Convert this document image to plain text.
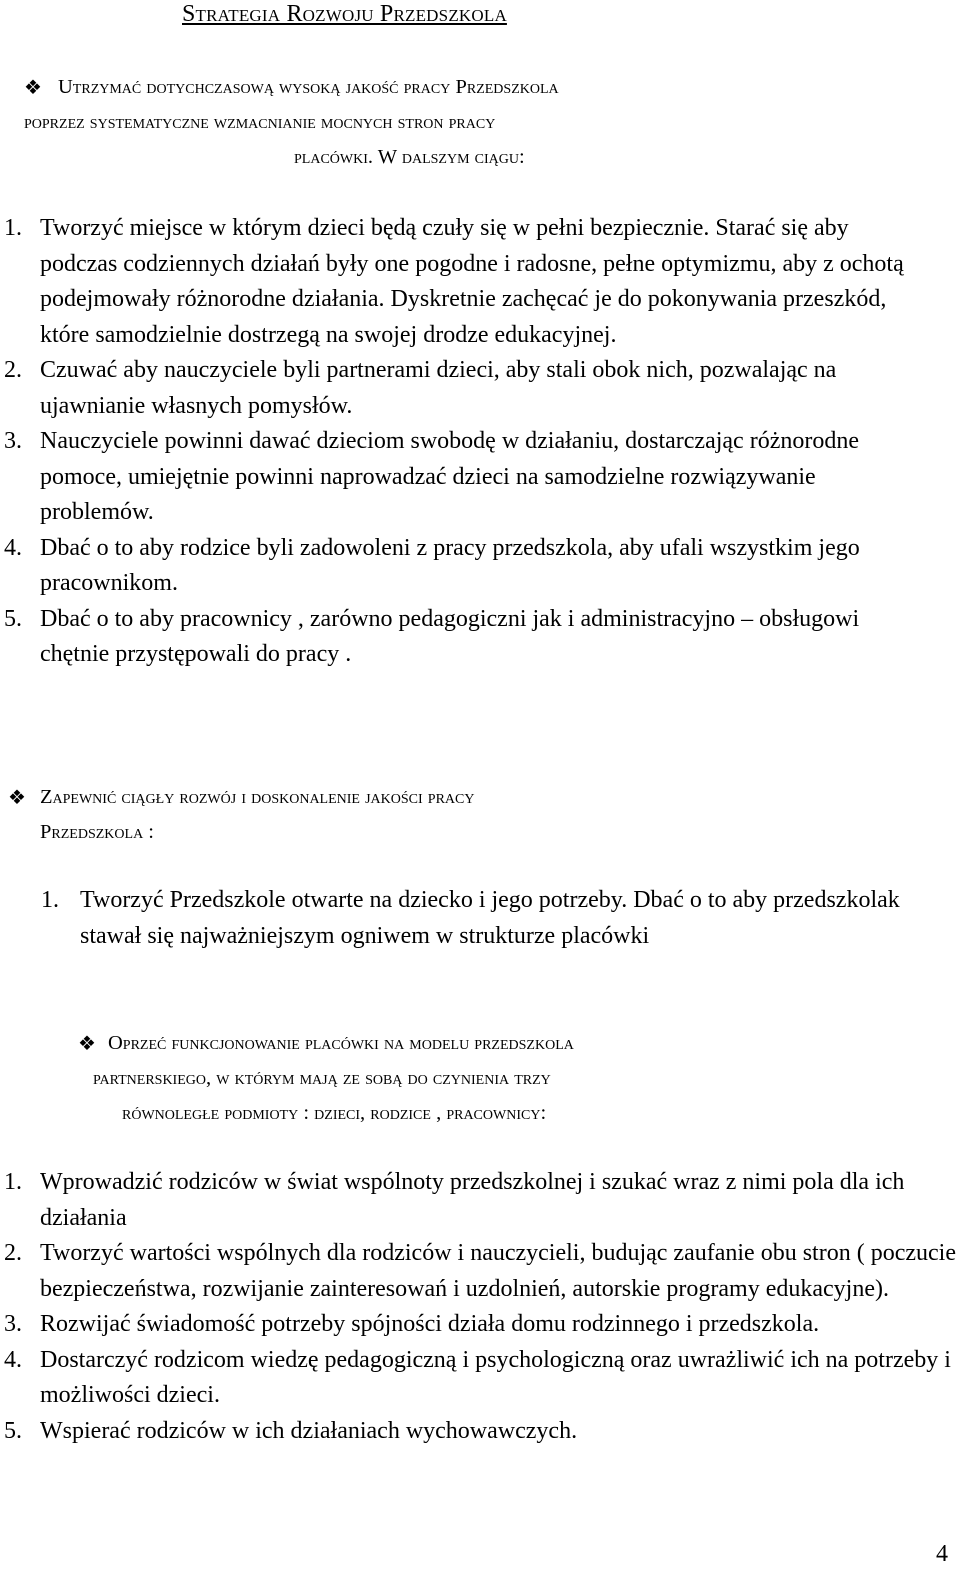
Strategia Rozwoju Przedszkola
❖ Utrzymać dotychczasową wysoką jakość pracy Przedszkola
poprzez systematyczne wzmacnianie mocnych stron pracy
placówki. W dalszym ciągu:
1. Tworzyć miejsce w którym dzieci będą czuły się w pełni bezpiecznie. Starać się aby podczas codziennych działań były one pogodne i radosne, pełne optymizmu, aby z ochotą podejmowały różnorodne działania. Dyskretnie zachęcać je do pokonywania przeszkód, które samodzielnie dostrzegą na swojej drodze edukacyjnej.
2. Czuwać aby nauczyciele byli partnerami dzieci, aby stali obok nich, pozwalając na ujawnianie własnych pomysłów.
3. Nauczyciele powinni dawać dzieciom swobodę w działaniu, dostarczając różnorodne pomoce, umiejętnie powinni naprowadzać dzieci na samodzielne rozwiązywanie problemów.
4. Dbać o to aby rodzice byli zadowoleni z pracy przedszkola, aby ufali wszystkim jego pracownikom.
5. Dbać o to aby pracownicy , zarówno pedagogiczni jak i administracyjno – obsługowi chętnie przystępowali do pracy .
❖ Zapewnić ciągły rozwój i doskonalenie jakości pracy
Przedszkola :
1. Tworzyć Przedszkole otwarte na dziecko i jego potrzeby. Dbać o to aby przedszkolak stawał się najważniejszym ogniwem w strukturze placówki
❖ Oprzeć funkcjonowanie placówki na modelu przedszkola
partnerskiego, w którym mają ze sobą do czynienia trzy
równoległe podmioty : dzieci, rodzice , pracownicy:
1. Wprowadzić rodziców w świat wspólnoty przedszkolnej i szukać wraz z nimi pola dla ich działania
2. Tworzyć wartości wspólnych dla rodziców i nauczycieli, budując zaufanie obu stron ( poczucie bezpieczeństwa, rozwijanie zainteresowań i uzdolnień, autorskie programy edukacyjne).
3. Rozwijać świadomość potrzeby spójności działa domu rodzinnego i przedszkola.
4. Dostarczyć rodzicom wiedzę pedagogiczną i psychologiczną oraz uwrażliwić ich na potrzeby i możliwości dzieci.
5. Wspierać rodziców w ich działaniach wychowawczych.
4
